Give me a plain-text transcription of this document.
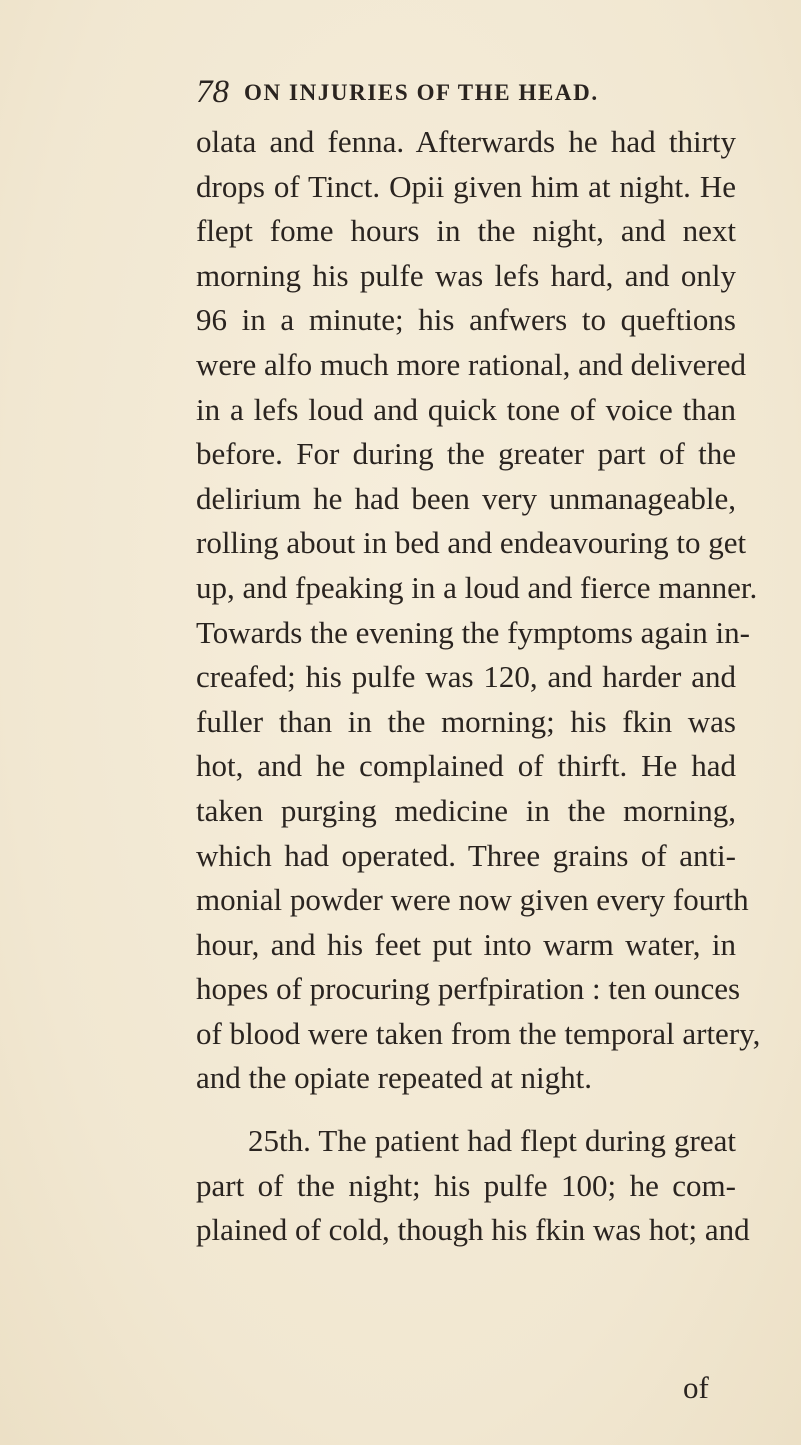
78 ON INJURIES OF THE HEAD.
olata and fenna. Afterwards he had thirty
drops of Tinct. Opii given him at night. He
flept fome hours in the night, and next
morning his pulfe was lefs hard, and only
96 in a minute; his anfwers to queftions
were alfo much more rational, and delivered
in a lefs loud and quick tone of voice than
before. For during the greater part of the
delirium he had been very unmanageable,
rolling about in bed and endeavouring to get
up, and fpeaking in a loud and fierce manner.
Towards the evening the fymptoms again in-
creafed; his pulfe was 120, and harder and
fuller than in the morning; his fkin was
hot, and he complained of thirft. He had
taken purging medicine in the morning,
which had operated. Three grains of anti-
monial powder were now given every fourth
hour, and his feet put into warm water, in
hopes of procuring perfpiration : ten ounces
of blood were taken from the temporal artery,
and the opiate repeated at night.
25th. The patient had flept during great
part of the night; his pulfe 100; he com-
plained of cold, though his fkin was hot; and
of
